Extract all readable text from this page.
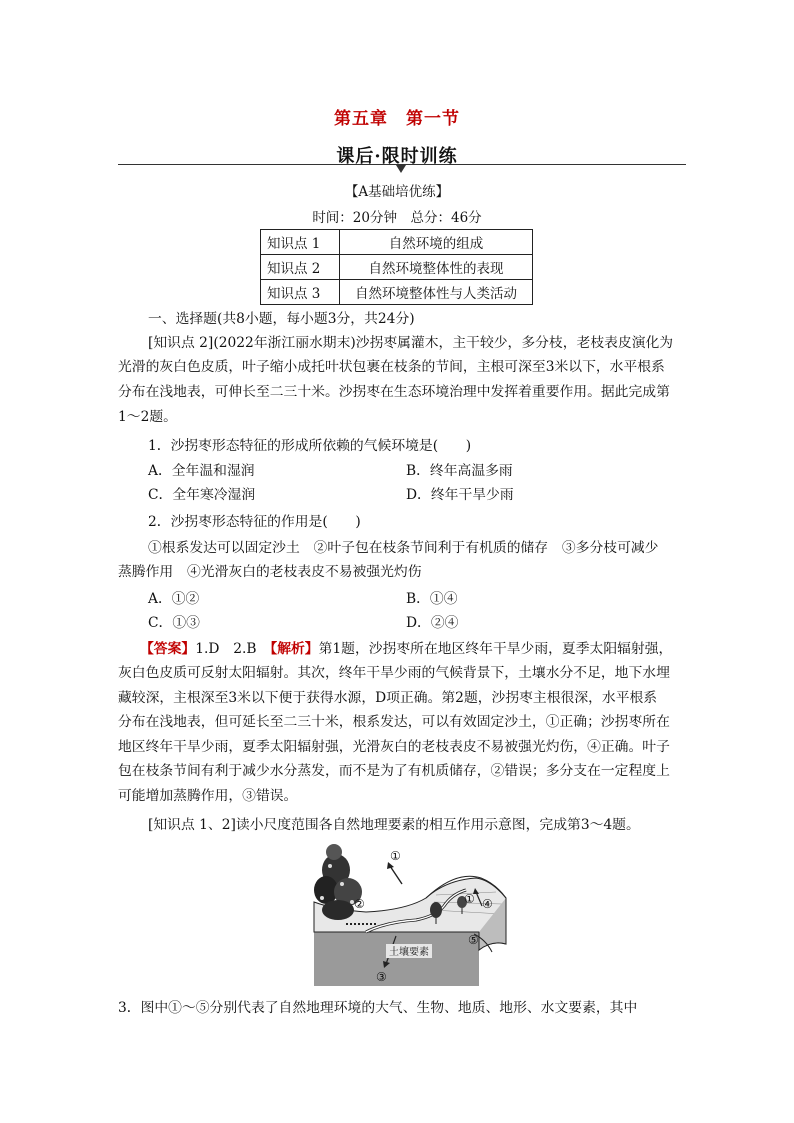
第五章　第一节
课后·限时训练
【A基础培优练】
时间：20分钟　总分：46分
知识点 1	自然环境的组成
知识点 2	自然环境整体性的表现
知识点 3	自然环境整体性与人类活动
一、选择题(共8小题，每小题3分，共24分)
[知识点 2](2022年浙江丽水期末)沙拐枣属灌木，主干较少，多分枝，老枝表皮演化为
光滑的灰白色皮质，叶子缩小成托叶状包裹在枝条的节间，主根可深至3米以下，水平根系
分布在浅地表，可伸长至二三十米。沙拐枣在生态环境治理中发挥着重要作用。据此完成第
1～2题。
1．沙拐枣形态特征的形成所依赖的气候环境是(　　)
A．全年温和湿润	B．终年高温多雨
C．全年寒冷湿润	D．终年干旱少雨
2．沙拐枣形态特征的作用是(　　)
①根系发达可以固定沙土　②叶子包在枝条节间利于有机质的储存　③多分枝可减少
蒸腾作用　④光滑灰白的老枝表皮不易被强光灼伤
A．①②	B．①④
C．①③	D．②④
【答案】1.D　2.B　【解析】第1题，沙拐枣所在地区终年干旱少雨，夏季太阳辐射强，
灰白色皮质可反射太阳辐射。其次，终年干旱少雨的气候背景下，土壤水分不足，地下水埋
藏较深，主根深至3米以下便于获得水源，D项正确。第2题，沙拐枣主根很深，水平根系
分布在浅地表，但可延长至二三十米，根系发达，可以有效固定沙土，①正确；沙拐枣所在
地区终年干旱少雨，夏季太阳辐射强，光滑灰白的老枝表皮不易被强光灼伤，④正确。叶子
包在枝条节间有利于减少水分蒸发，而不是为了有机质储存，②错误；多分支在一定程度上
可能增加蒸腾作用，③错误。
[知识点 1、2]读小尺度范围各自然地理要素的相互作用示意图，完成第3～4题。
土壤要素
①
①
②
③
④
⑤
3．图中①～⑤分别代表了自然地理环境的大气、生物、地质、地形、水文要素，其中
